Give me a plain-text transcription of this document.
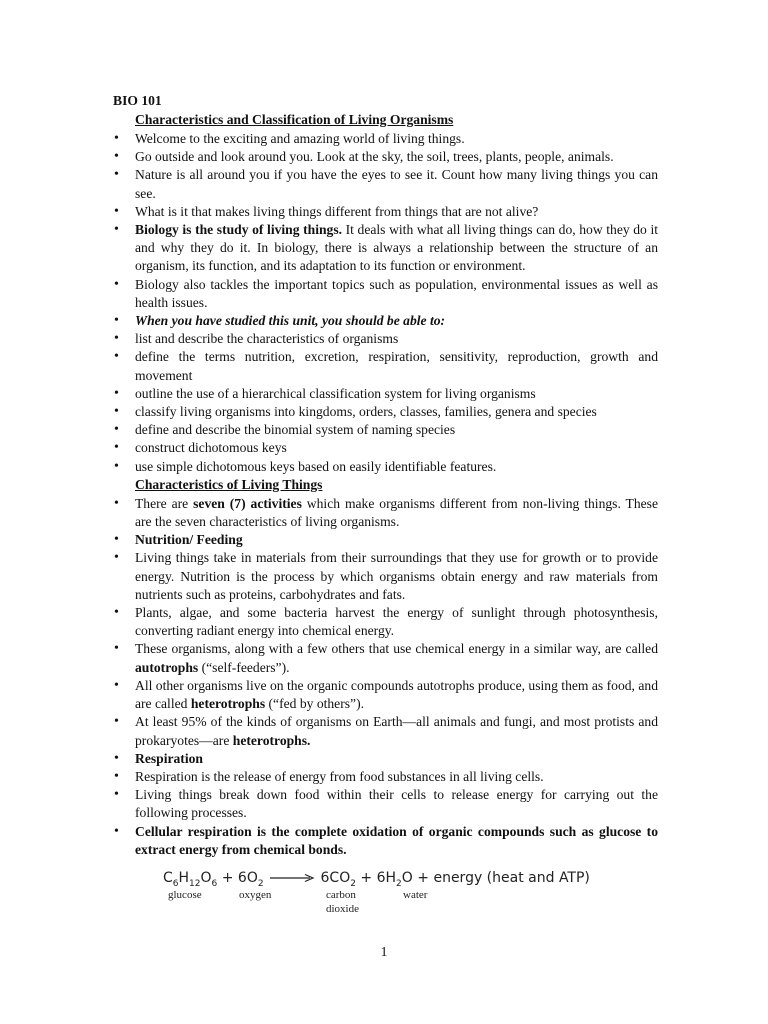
BIO 101
Characteristics and Classification of Living Organisms
• Welcome to the exciting and amazing world of living things.
• Go outside and look around you. Look at the sky, the soil, trees, plants, people, animals.
• Nature is all around you if you have the eyes to see it. Count how many living things you can see.
• What is it that makes living things different from things that are not alive?
• Biology is the study of living things. It deals with what all living things can do, how they do it and why they do it. In biology, there is always a relationship between the structure of an organism, its function, and its adaptation to its function or environment.
• Biology also tackles the important topics such as population, environmental issues as well as health issues.
• When you have studied this unit, you should be able to:
• list and describe the characteristics of organisms
• define the terms nutrition, excretion, respiration, sensitivity, reproduction, growth and movement
• outline the use of a hierarchical classification system for living organisms
• classify living organisms into kingdoms, orders, classes, families, genera and species
• define and describe the binomial system of naming species
• construct dichotomous keys
• use simple dichotomous keys based on easily identifiable features.
Characteristics of Living Things
• There are seven (7) activities which make organisms different from non-living things. These are the seven characteristics of living organisms.
• Nutrition/ Feeding
• Living things take in materials from their surroundings that they use for growth or to provide energy. Nutrition is the process by which organisms obtain energy and raw materials from nutrients such as proteins, carbohydrates and fats.
• Plants, algae, and some bacteria harvest the energy of sunlight through photosynthesis, converting radiant energy into chemical energy.
• These organisms, along with a few others that use chemical energy in a similar way, are called autotrophs (“self-feeders”).
• All other organisms live on the organic compounds autotrophs produce, using them as food, and are called heterotrophs (“fed by others”).
• At least 95% of the kinds of organisms on Earth—all animals and fungi, and most protists and prokaryotes—are heterotrophs.
• Respiration
• Respiration is the release of energy from food substances in all living cells.
• Living things break down food within their cells to release energy for carrying out the following processes.
• Cellular respiration is the complete oxidation of organic compounds such as glucose to extract energy from chemical bonds.
$C_6H_{12}O_6 + 6O_2 \to 6CO_2 + 6H_2O$ + energy (heat and ATP)
glucose	oxygen	carbon
dioxide
water
1
